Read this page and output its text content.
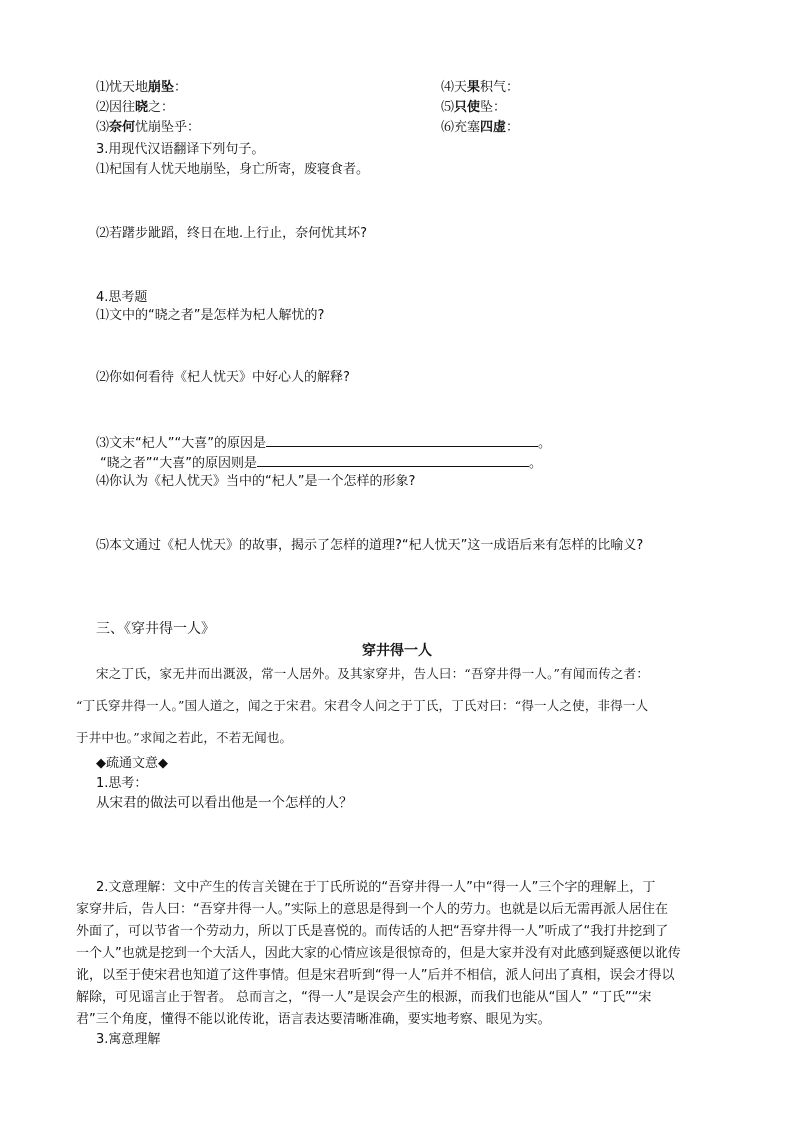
⑴忧天地崩坠：
⑵因往晓之：
⑶奈何忧崩坠乎：
⑷天果积气：
⑸只使坠：
⑹充塞四虚：
3.用现代汉语翻译下列句子。
⑴杞国有人忧天地崩坠，身亡所寄，废寝食者。
⑵若躇步跐蹈，终日在地.上行止，奈何忧其坏?
4.思考题
⑴文中的“晓之者”是怎样为杞人解忧的?
⑵你如何看待《杞人忧天》中好心人的解释?
⑶文末“杞人”“大喜”的原因是	。
“晓之者”“大喜”的原因则是	。
⑷你认为《杞人忧天》当中的“杞人”是一个怎样的形象?
⑸本文通过《杞人忧天》的故事，揭示了怎样的道理?“杞人忧天”这一成语后来有怎样的比喻义?
三、《穿井得一人》
穿井得一人
宋之丁氏，家无井而出溉汲，常一人居外。及其家穿井，告人曰：“吾穿井得一人。”有闻而传之者：
“丁氏穿井得一人。”国人道之，闻之于宋君。宋君令人问之于丁氏，丁氏对曰：“得一人之使，非得一人
于井中也。”求闻之若此，不若无闻也。
◆疏通文意◆
1.思考：
从宋君的做法可以看出他是一个怎样的人？
2.文意理解：文中产生的传言关键在于丁氏所说的“吾穿井得一人”中“得一人”三个字的理解上，丁
家穿井后，告人曰：“吾穿井得一人。”实际上的意思是得到一个人的劳力。也就是以后无需再派人居住在
外面了，可以节省一个劳动力，所以丁氏是喜悦的。而传话的人把“吾穿井得一人”听成了“我打井挖到了
一个人”也就是挖到一个大活人，因此大家的心情应该是很惊奇的，但是大家并没有对此感到疑惑便以讹传
讹，以至于使宋君也知道了这件事情。但是宋君听到“得一人”后并不相信，派人问出了真相，误会才得以
解除，可见谣言止于智者。 总而言之，“得一人”是误会产生的根源，而我们也能从“国人” “丁氏”“宋
君”三个角度，懂得不能以讹传讹，语言表达要清晰准确，要实地考察、眼见为实。
3.寓意理解
